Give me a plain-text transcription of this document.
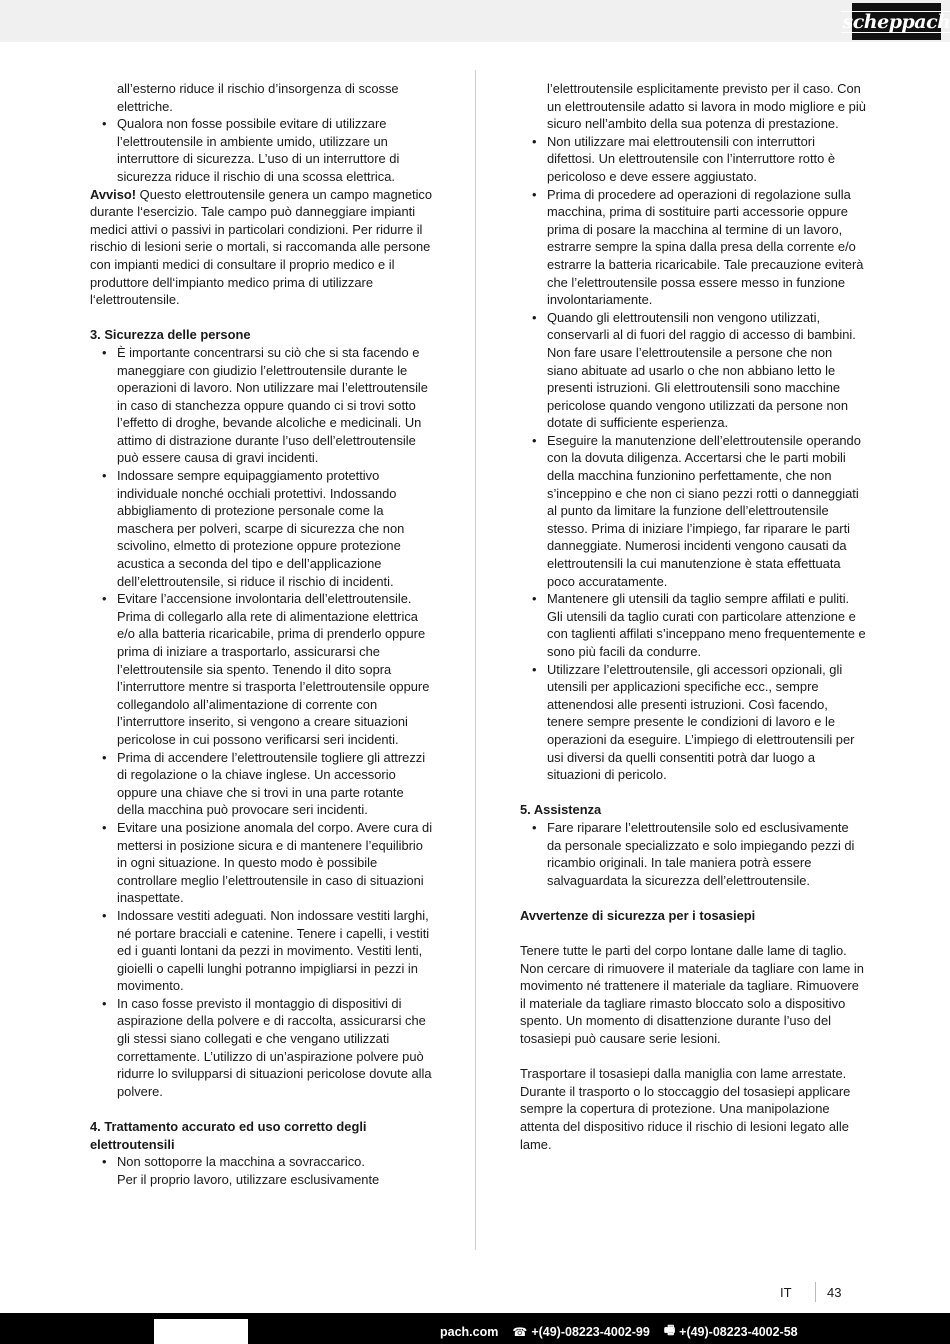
scheppach

all’esterno riduce il rischio d’insorgenza di scosse elettriche.

• Qualora non fosse possibile evitare di utilizzare l’elettroutensile in ambiente umido, utilizzare un interruttore di sicurezza. L’uso di un interruttore di sicurezza riduce il rischio di una scossa elettrica.

Avviso! Questo elettroutensile genera un campo magnetico durante l‘esercizio. Tale campo può danneggiare impianti medici attivi o passivi in particolari condizioni. Per ridurre il rischio di lesioni serie o mortali, si raccomanda alle persone con impianti medici di consultare il proprio medico e il produttore dell‘impianto medico prima di utilizzare l‘elettroutensile.

3. Sicurezza delle persone

• È importante concentrarsi su ciò che si sta facendo e maneggiare con giudizio l’elettroutensile durante le operazioni di lavoro. Non utilizzare mai l’elettroutensile in caso di stanchezza oppure quando ci si trovi sotto l’effetto di droghe, bevande alcoliche e medicinali. Un attimo di distrazione durante l’uso dell’elettroutensile può essere causa di gravi incidenti.
• Indossare sempre equipaggiamento protettivo individuale nonché occhiali protettivi. Indossando abbigliamento di protezione personale come la maschera per polveri, scarpe di sicurezza che non scivolino, elmetto di protezione oppure protezione acustica a seconda del tipo e dell’applicazione dell’elettroutensile, si riduce il rischio di incidenti.
• Evitare l’accensione involontaria dell’elettroutensile. Prima di collegarlo alla rete di alimentazione elettrica e/o alla batteria ricaricabile, prima di prenderlo oppure prima di iniziare a trasportarlo, assicurarsi che l’elettroutensile sia spento. Tenendo il dito sopra l’interruttore mentre si trasporta l’elettroutensile oppure collegandolo all’alimentazione di corrente con l’interruttore inserito, si vengono a creare situazioni pericolose in cui possono verificarsi seri incidenti.
• Prima di accendere l’elettroutensile togliere gli attrezzi di regolazione o la chiave inglese. Un accessorio oppure una chiave che si trovi in una parte rotante della macchina può provocare seri incidenti.
• Evitare una posizione anomala del corpo. Avere cura di mettersi in posizione sicura e di mantenere l’equilibrio in ogni situazione. In questo modo è possibile controllare meglio l’elettroutensile in caso di situazioni inaspettate.
• Indossare vestiti adeguati. Non indossare vestiti larghi, né portare bracciali e catenine. Tenere i capelli, i vestiti ed i guanti lontani da pezzi in movimento. Vestiti lenti, gioielli o capelli lunghi potranno impigliarsi in pezzi in movimento.
• In caso fosse previsto il montaggio di dispositivi di aspirazione della polvere e di raccolta, assicurarsi che gli stessi siano collegati e che vengano utilizzati correttamente. L’utilizzo di un’aspirazione polvere può ridurre lo svilupparsi di situazioni pericolose dovute alla polvere.

4. Trattamento accurato ed uso corretto degli elettroutensili

• Non sottoporre la macchina a sovraccarico.

Per il proprio lavoro, utilizzare esclusivamente

l’elettroutensile esplicitamente previsto per il caso. Con un elettroutensile adatto si lavora in modo migliore e più sicuro nell’ambito della sua potenza di prestazione.

• Non utilizzare mai elettroutensili con interruttori difettosi. Un elettroutensile con l’interruttore rotto è pericoloso e deve essere aggiustato.
• Prima di procedere ad operazioni di regolazione sulla macchina, prima di sostituire parti accessorie oppure prima di posare la macchina al termine di un lavoro, estrarre sempre la spina dalla presa della corrente e/o estrarre la batteria ricaricabile. Tale precauzione eviterà che l’elettroutensile possa essere messo in funzione involontariamente.
• Quando gli elettroutensili non vengono utilizzati, conservarli al di fuori del raggio di accesso di bambini. Non fare usare l’elettroutensile a persone che non siano abituate ad usarlo o che non abbiano letto le presenti istruzioni. Gli elettroutensili sono macchine pericolose quando vengono utilizzati da persone non dotate di sufficiente esperienza.
• Eseguire la manutenzione dell’elettroutensile operando con la dovuta diligenza. Accertarsi che le parti mobili della macchina funzionino perfettamente, che non s’inceppino e che non ci siano pezzi rotti o danneggiati al punto da limitare la funzione dell’elettroutensile stesso. Prima di iniziare l’impiego, far riparare le parti danneggiate. Numerosi incidenti vengono causati da elettroutensili la cui manutenzione è stata effettuata poco accuratamente.
• Mantenere gli utensili da taglio sempre affilati e puliti. Gli utensili da taglio curati con particolare attenzione e con taglienti affilati s’inceppano meno frequentemente e sono più facili da condurre.
• Utilizzare l’elettroutensile, gli accessori opzionali, gli utensili per applicazioni specifiche ecc., sempre attenendosi alle presenti istruzioni. Così facendo, tenere sempre presente le condizioni di lavoro e le operazioni da eseguire. L’impiego di elettroutensili per usi diversi da quelli consentiti potrà dar luogo a situazioni di pericolo.

5. Assistenza

• Fare riparare l’elettroutensile solo ed esclusivamente da personale specializzato e solo impiegando pezzi di ricambio originali. In tale maniera potrà essere salvaguardata la sicurezza dell’elettroutensile.

Avvertenze di sicurezza per i tosasiepi

Tenere tutte le parti del corpo lontane dalle lame di taglio. Non cercare di rimuovere il materiale da tagliare con lame in movimento né trattenere il materiale da tagliare. Rimuovere il materiale da tagliare rimasto bloccato solo a dispositivo spento. Un momento di disattenzione durante l’uso del tosasiepi può causare serie lesioni.

Trasportare il tosasiepi dalla maniglia con lame arrestate. Durante il trasporto o lo stoccaggio del tosasiepi applicare sempre la copertura di protezione. Una manipolazione attenta del dispositivo riduce il rischio di lesioni legato alle lame.

IT	43
pach.com ☎ +(49)-08223-4002-99 🖷 +(49)-08223-4002-58
